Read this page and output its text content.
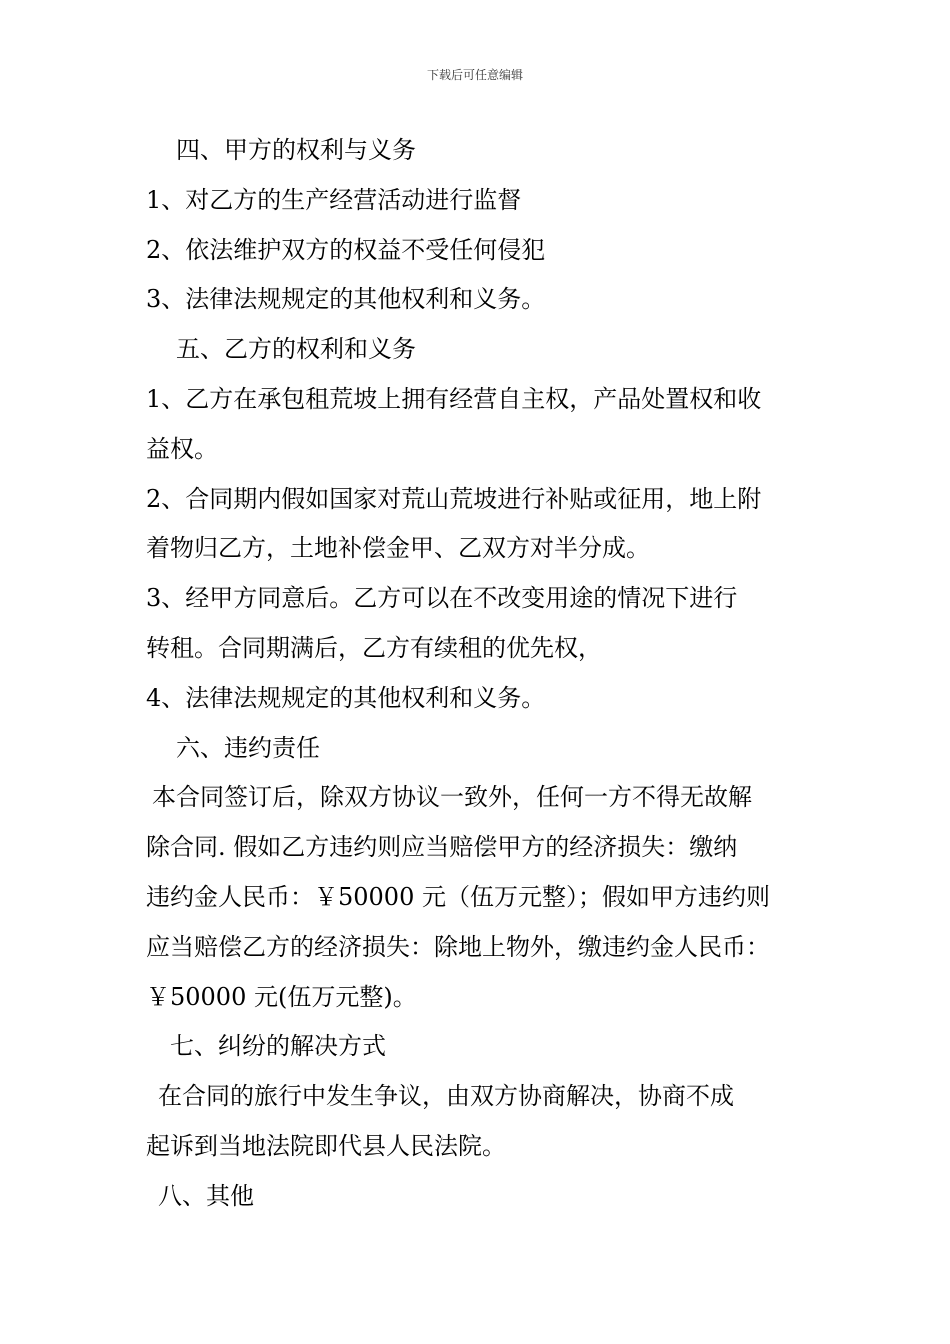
下载后可任意编辑
四、甲方的权利与义务
1、对乙方的生产经营活动进行监督
2、依法维护双方的权益不受任何侵犯
3、法律法规规定的其他权利和义务。
五、乙方的权利和义务
1、乙方在承包租荒坡上拥有经营自主权，产品处置权和收
益权。
2、合同期内假如国家对荒山荒坡进行补贴或征用，地上附
着物归乙方，土地补偿金甲、乙双方对半分成。
3、经甲方同意后。乙方可以在不改变用途的情况下进行
转租。合同期满后，乙方有续租的优先权，
4、法律法规规定的其他权利和义务。
六、违约责任
本合同签订后，除双方协议一致外，任何一方不得无故解
除合同. 假如乙方违约则应当赔偿甲方的经济损失：缴纳
违约金人民币：￥50000 元（伍万元整）；假如甲方违约则
应当赔偿乙方的经济损失：除地上物外，缴违约金人民币：
￥50000 元(伍万元整)。
七、纠纷的解决方式
在合同的旅行中发生争议，由双方协商解决，协商不成
起诉到当地法院即代县人民法院。
八、其他
